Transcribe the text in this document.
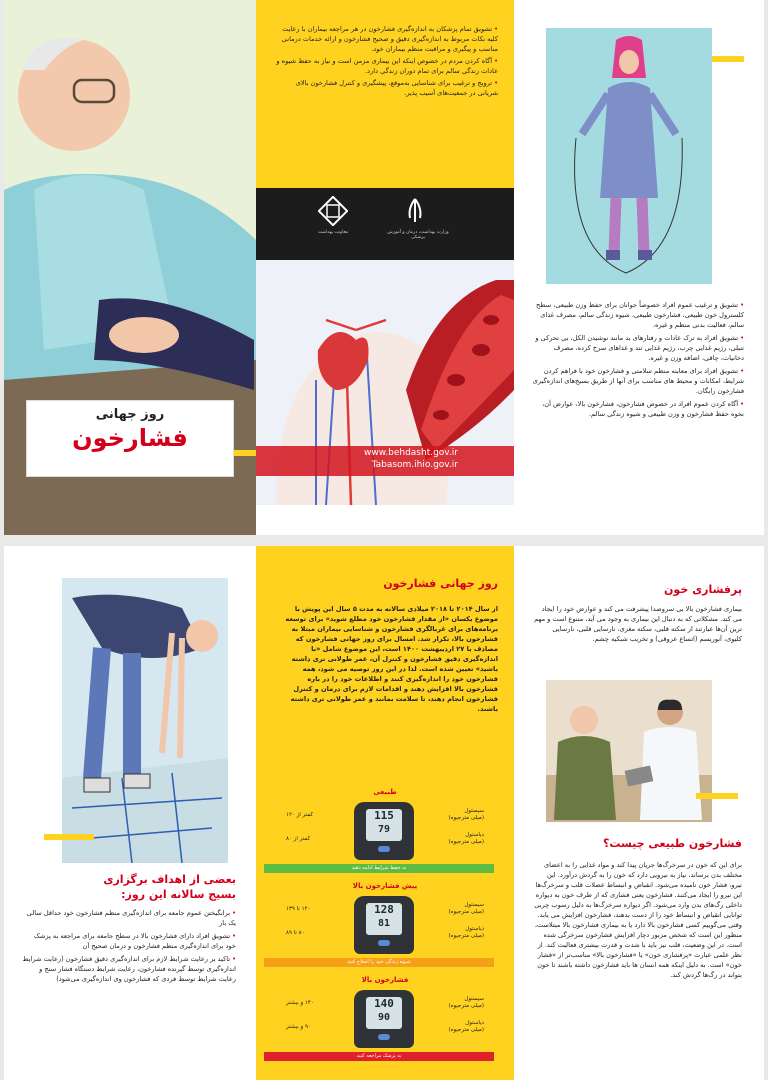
روز جهانی
فشارخون
•تشویق تمام پزشکان به اندازه‌گیری فشارخون در هر مراجعه بیماران با رعایت کلیه نکات مربوط به اندازه‌گیری دقیق و صحیح فشارخون و ارائه خدمات درمانی مناسب و پیگیری و مراقبت منظم بیماران خود.
•آگاه کردن مردم در خصوص اینکه این بیماری مزمن است و نیاز به حفظ شیوه و عادات زندگی سالم برای تمام دوران زندگی دارد.
•ترویج و ترغیب برای شناسایی به‌موقع، پیشگیری و کنترل فشارخون بالای شریانی در جمعیت‌های آسیب پذیر.
معاونت بهداشت	وزارت بهداشت، درمان و آموزش پزشکی
www.behdasht.gov.ir
Tabasom.ihio.gov.ir
•تشویق و ترغیب عموم افراد خصوصاً جوانان برای حفظ وزن طبیعی، سطح کلسترول خون طبیعی، فشارخون طبیعی، شیوه زندگی سالم، مصرف غذای سالم، فعالیت بدنی منظم و غیره.
•تشویق افراد به ترک عادات و رفتارهای بد مانند نوشیدن الکل، بی تحرکی و تنبلی، رژیم غذایی چرب، رژیم غذایی تند و غذاهای سرخ کرده، مصرف دخانیات، چاقی، اضافه وزن و غیره.
•تشویق افراد برای معاینه منظم سلامتی و فشارخون خود با فراهم کردن شرایط، امکانات و محیط های مناسب برای آنها از طریق بسیج‌های اندازه‌گیری فشارخون رایگان.
•آگاه کردن عموم افراد در خصوص فشارخون، فشارخون بالا، عوارض آن، نحوه حفظ فشارخون و وزن طبیعی و شیوه زندگی سالم.
بعضی از اهداف برگزاری
بسیج سالانه این روز:
•برانگیختن عموم جامعه برای اندازه‌گیری منظم فشارخون خود حداقل سالی یک بار
•تشویق افراد دارای فشارخون بالا در سطح جامعه برای مراجعه به پزشک خود برای اندازه‌گیری منظم فشارخون و درمان صحیح آن
•تاکید بر رعایت شرایط لازم برای اندازه‌گیری دقیق فشارخون (رعایت شرایط اندازه‌گیری توسط گیرنده فشارخون، رعایت شرایط دستگاه فشار سنج و رعایت شرایط توسط فردی که فشارخون وی اندازه‌گیری می‌شود)
روز جهانی فشارخون
از سال ۲۰۱۴ تا ۲۰۱۸ میلادی سالانه به مدت ۵ سال این پویش با موضوع یکسان «از مقدار فشارخون خود مطلع شوید» برای توسعه برنامه‌های برای غربالگری فشارخون و شناسایی بیماران مبتلا به فشارخون بالا، تکرار شد. امسال برای روز جهانی فشارخون که مصادف با ۲۷ اردیبهشت ۱۴۰۰ است، این موضوع شامل «با اندازه‌گیری دقیق فشارخون و کنترل آن، عمر طولانی تری داشته باشید» تعیین شده است. لذا در این روز توصیه می شود، همه فشارخون خود را اندازه‌گیری کنند و اطلاعات خود را در باره فشارخون بالا افزایش دهند و اقدامات لازم برای درمان و کنترل فشارخون انجام دهند، تا سلامت بمانند و عمر طولانی تری داشته باشند.
طبیعی
سیستول
(میلی مترجیوه)
دیاستول
(میلی مترجیوه)
115
79
کمتر از ۱۲۰
کمتر از ۸۰
به حفظ شرایط ادامه دهید
پیش فشارخون بالا
سیستول
(میلی مترجیوه)
دیاستول
(میلی مترجیوه)
128
81
۱۲۰ تا ۱۳۹
۸۰ تا ۸۹
شیوه زندگی خود را اصلاح کنید
فشارخون بالا
سیستول
(میلی مترجیوه)
دیاستول
(میلی مترجیوه)
140
90
۱۴۰ و بیشتر
۹۰ و بیشتر
به پزشک مراجعه کنید
پرفشاری خون
بیماری فشارخون بالا بی سروصدا پیشرفت می کند و عوارض خود را ایجاد می کند. مشکلاتی که به دنبال این بیماری به وجود می آید، متنوع است و مهم ترین آن‌ها عبارتند از سکته قلبی، سکته مغزی، نارسایی قلبی، نارسایی کلیوی، آنوریسم (اتساع عروقی) و تخریب شبکیه چشم.
فشارخون طبیعی چیست؟
برای این که خون در سرخرگ‌ها جریان پیدا کند و مواد غذایی را به اعضای مختلف بدن برساند، نیاز به نیرویی دارد که خون را به گردش درآورد. این نیرو، فشار خون نامیده می‌شود. انقباض و انبساط عضلات قلب و سرخرگ‌ها این نیرو را ایجاد می‌کنند. فشارخون یعنی فشاری که از طرف خون به دیواره داخلی رگ‌های بدن وارد می‌شود. اگر دیواره سرخرگ‌ها به دلیل رسوب چربی توانایی انقباض و انبساط خود را از دست بدهند، فشارخون افزایش می یابد. وقتی می‌گوییم کسی فشارخون بالا دارد یا به بیماری فشارخون بالا مبتلاست، منظور این است که شخص مزبور دچار افزایش فشارخون سرخرگی شده است. در این وضعیت، قلب نیز باید با شدت و قدرت بیشتری فعالیت کند. از نظر علمی عبارت «پرفشاری خون» یا «فشارخون بالا» مناسب‌تر از «فشار خون» است. به دلیل اینکه همه انسان ها باید فشارخون داشته باشند تا خون بتواند در رگ‌ها گردش کند.
